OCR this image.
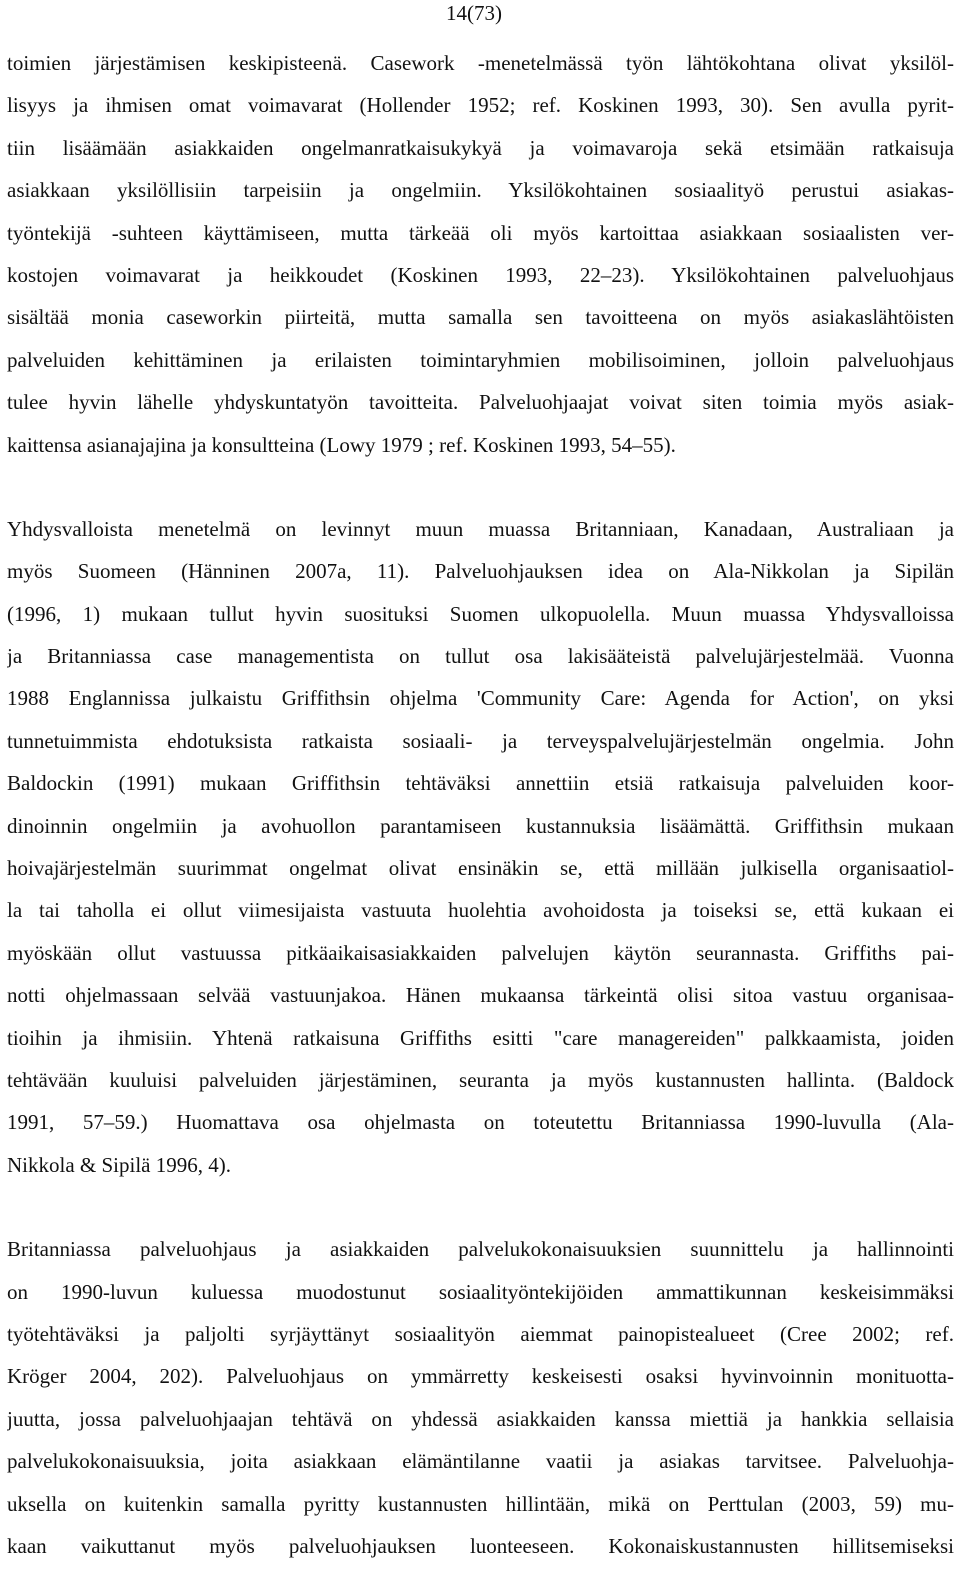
14(73)
toimien järjestämisen keskipisteenä. Casework -menetelmässä työn lähtökohtana olivat yksilöl-
lisyys ja ihmisen omat voimavarat (Hollender 1952; ref. Koskinen 1993, 30). Sen avulla pyrit-
tiin lisäämään asiakkaiden ongelmanratkaisukykyä ja voimavaroja sekä etsimään ratkaisuja
asiakkaan yksilöllisiin tarpeisiin ja ongelmiin. Yksilökohtainen sosiaalityö perustui asiakas-
työntekijä -suhteen käyttämiseen, mutta tärkeää oli myös kartoittaa asiakkaan sosiaalisten ver-
kostojen voimavarat ja heikkoudet (Koskinen 1993, 22‒23). Yksilökohtainen palveluohjaus
sisältää monia caseworkin piirteitä, mutta samalla sen tavoitteena on myös asiakaslähtöisten
palveluiden kehittäminen ja erilaisten toimintaryhmien mobilisoiminen, jolloin palveluohjaus
tulee hyvin lähelle yhdyskuntatyön tavoitteita. Palveluohjaajat voivat siten toimia myös asiak-
kaittensa asianajajina ja konsultteina (Lowy 1979 ; ref. Koskinen 1993, 54‒55).
Yhdysvalloista menetelmä on levinnyt muun muassa Britanniaan, Kanadaan, Australiaan ja
myös Suomeen (Hänninen 2007a, 11). Palveluohjauksen idea on Ala-Nikkolan ja Sipilän
(1996, 1) mukaan tullut hyvin suosituksi Suomen ulkopuolella. Muun muassa Yhdysvalloissa
ja Britanniassa case managementista on tullut osa lakisääteistä palvelujärjestelmää. Vuonna
1988 Englannissa julkaistu Griffithsin ohjelma 'Community Care: Agenda for Action', on yksi
tunnetuimmista ehdotuksista ratkaista sosiaali- ja terveyspalvelujärjestelmän ongelmia. John
Baldockin (1991) mukaan Griffithsin tehtäväksi annettiin etsiä ratkaisuja palveluiden koor-
dinoinnin ongelmiin ja avohuollon parantamiseen kustannuksia lisäämättä. Griffithsin mukaan
hoivajärjestelmän suurimmat ongelmat olivat ensinäkin se, että millään julkisella organisaatiol-
la tai taholla ei ollut viimesijaista vastuuta huolehtia avohoidosta ja toiseksi se, että kukaan ei
myöskään ollut vastuussa pitkäaikaisasiakkaiden palvelujen käytön seurannasta. Griffiths pai-
notti ohjelmassaan selvää vastuunjakoa. Hänen mukaansa tärkeintä olisi sitoa vastuu organisaa-
tioihin ja ihmisiin. Yhtenä ratkaisuna Griffiths esitti "care managereiden" palkkaamista, joiden
tehtävään kuuluisi palveluiden järjestäminen, seuranta ja myös kustannusten hallinta. (Baldock
1991, 57‒59.) Huomattava osa ohjelmasta on toteutettu Britanniassa 1990-luvulla (Ala-
Nikkola & Sipilä 1996, 4).
Britanniassa palveluohjaus ja asiakkaiden palvelukokonaisuuksien suunnittelu ja hallinnointi
on 1990-luvun kuluessa muodostunut sosiaalityöntekijöiden ammattikunnan keskeisimmäksi
työtehtäväksi ja paljolti syrjäyttänyt sosiaalityön aiemmat painopistealueet (Cree 2002; ref.
Kröger 2004, 202). Palveluohjaus on ymmärretty keskeisesti osaksi hyvinvoinnin monituotta-
juutta, jossa palveluohjaajan tehtävä on yhdessä asiakkaiden kanssa miettiä ja hankkia sellaisia
palvelukokonaisuuksia, joita asiakkaan elämäntilanne vaatii ja asiakas tarvitsee. Palveluohja-
uksella on kuitenkin samalla pyritty kustannusten hillintään, mikä on Perttulan (2003, 59) mu-
kaan vaikuttanut myös palveluohjauksen luonteeseen. Kokonaiskustannusten hillitsemiseksi
